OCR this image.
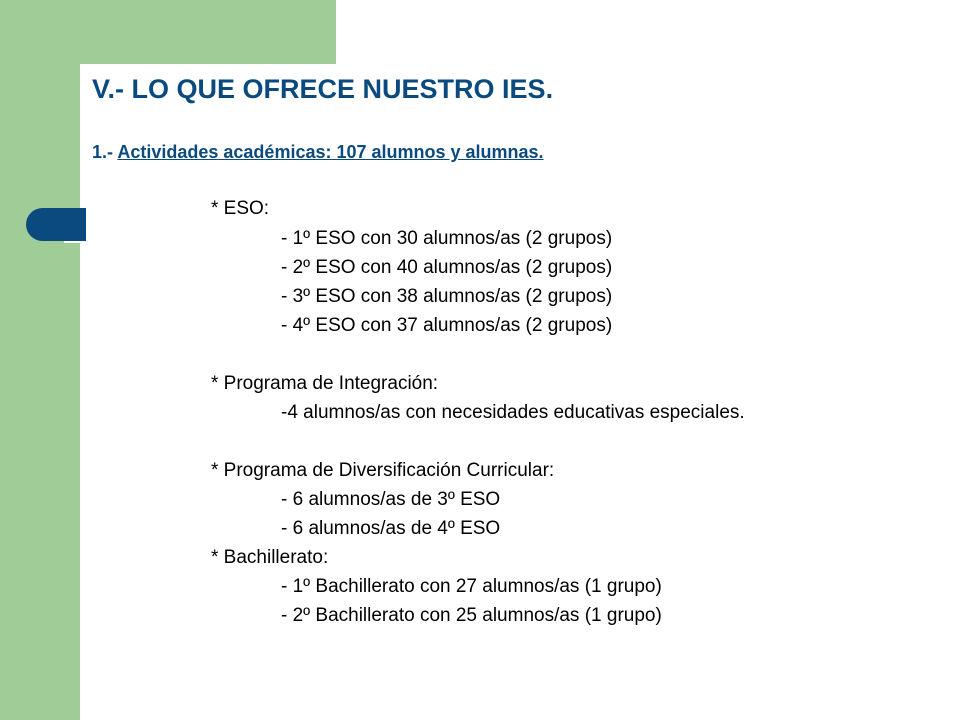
V.- LO QUE OFRECE NUESTRO IES.
1.- Actividades académicas: 107 alumnos y alumnas.
* ESO:
- 1º ESO con 30 alumnos/as (2 grupos)
- 2º ESO con 40 alumnos/as (2 grupos)
- 3º ESO con 38 alumnos/as (2 grupos)
- 4º ESO con 37 alumnos/as (2 grupos)
* Programa de Integración:
-4 alumnos/as con necesidades educativas especiales.
* Programa de Diversificación Curricular:
- 6 alumnos/as de 3º ESO
- 6 alumnos/as de 4º ESO
* Bachillerato:
- 1º Bachillerato con 27 alumnos/as (1 grupo)
- 2º Bachillerato con 25 alumnos/as (1 grupo)
